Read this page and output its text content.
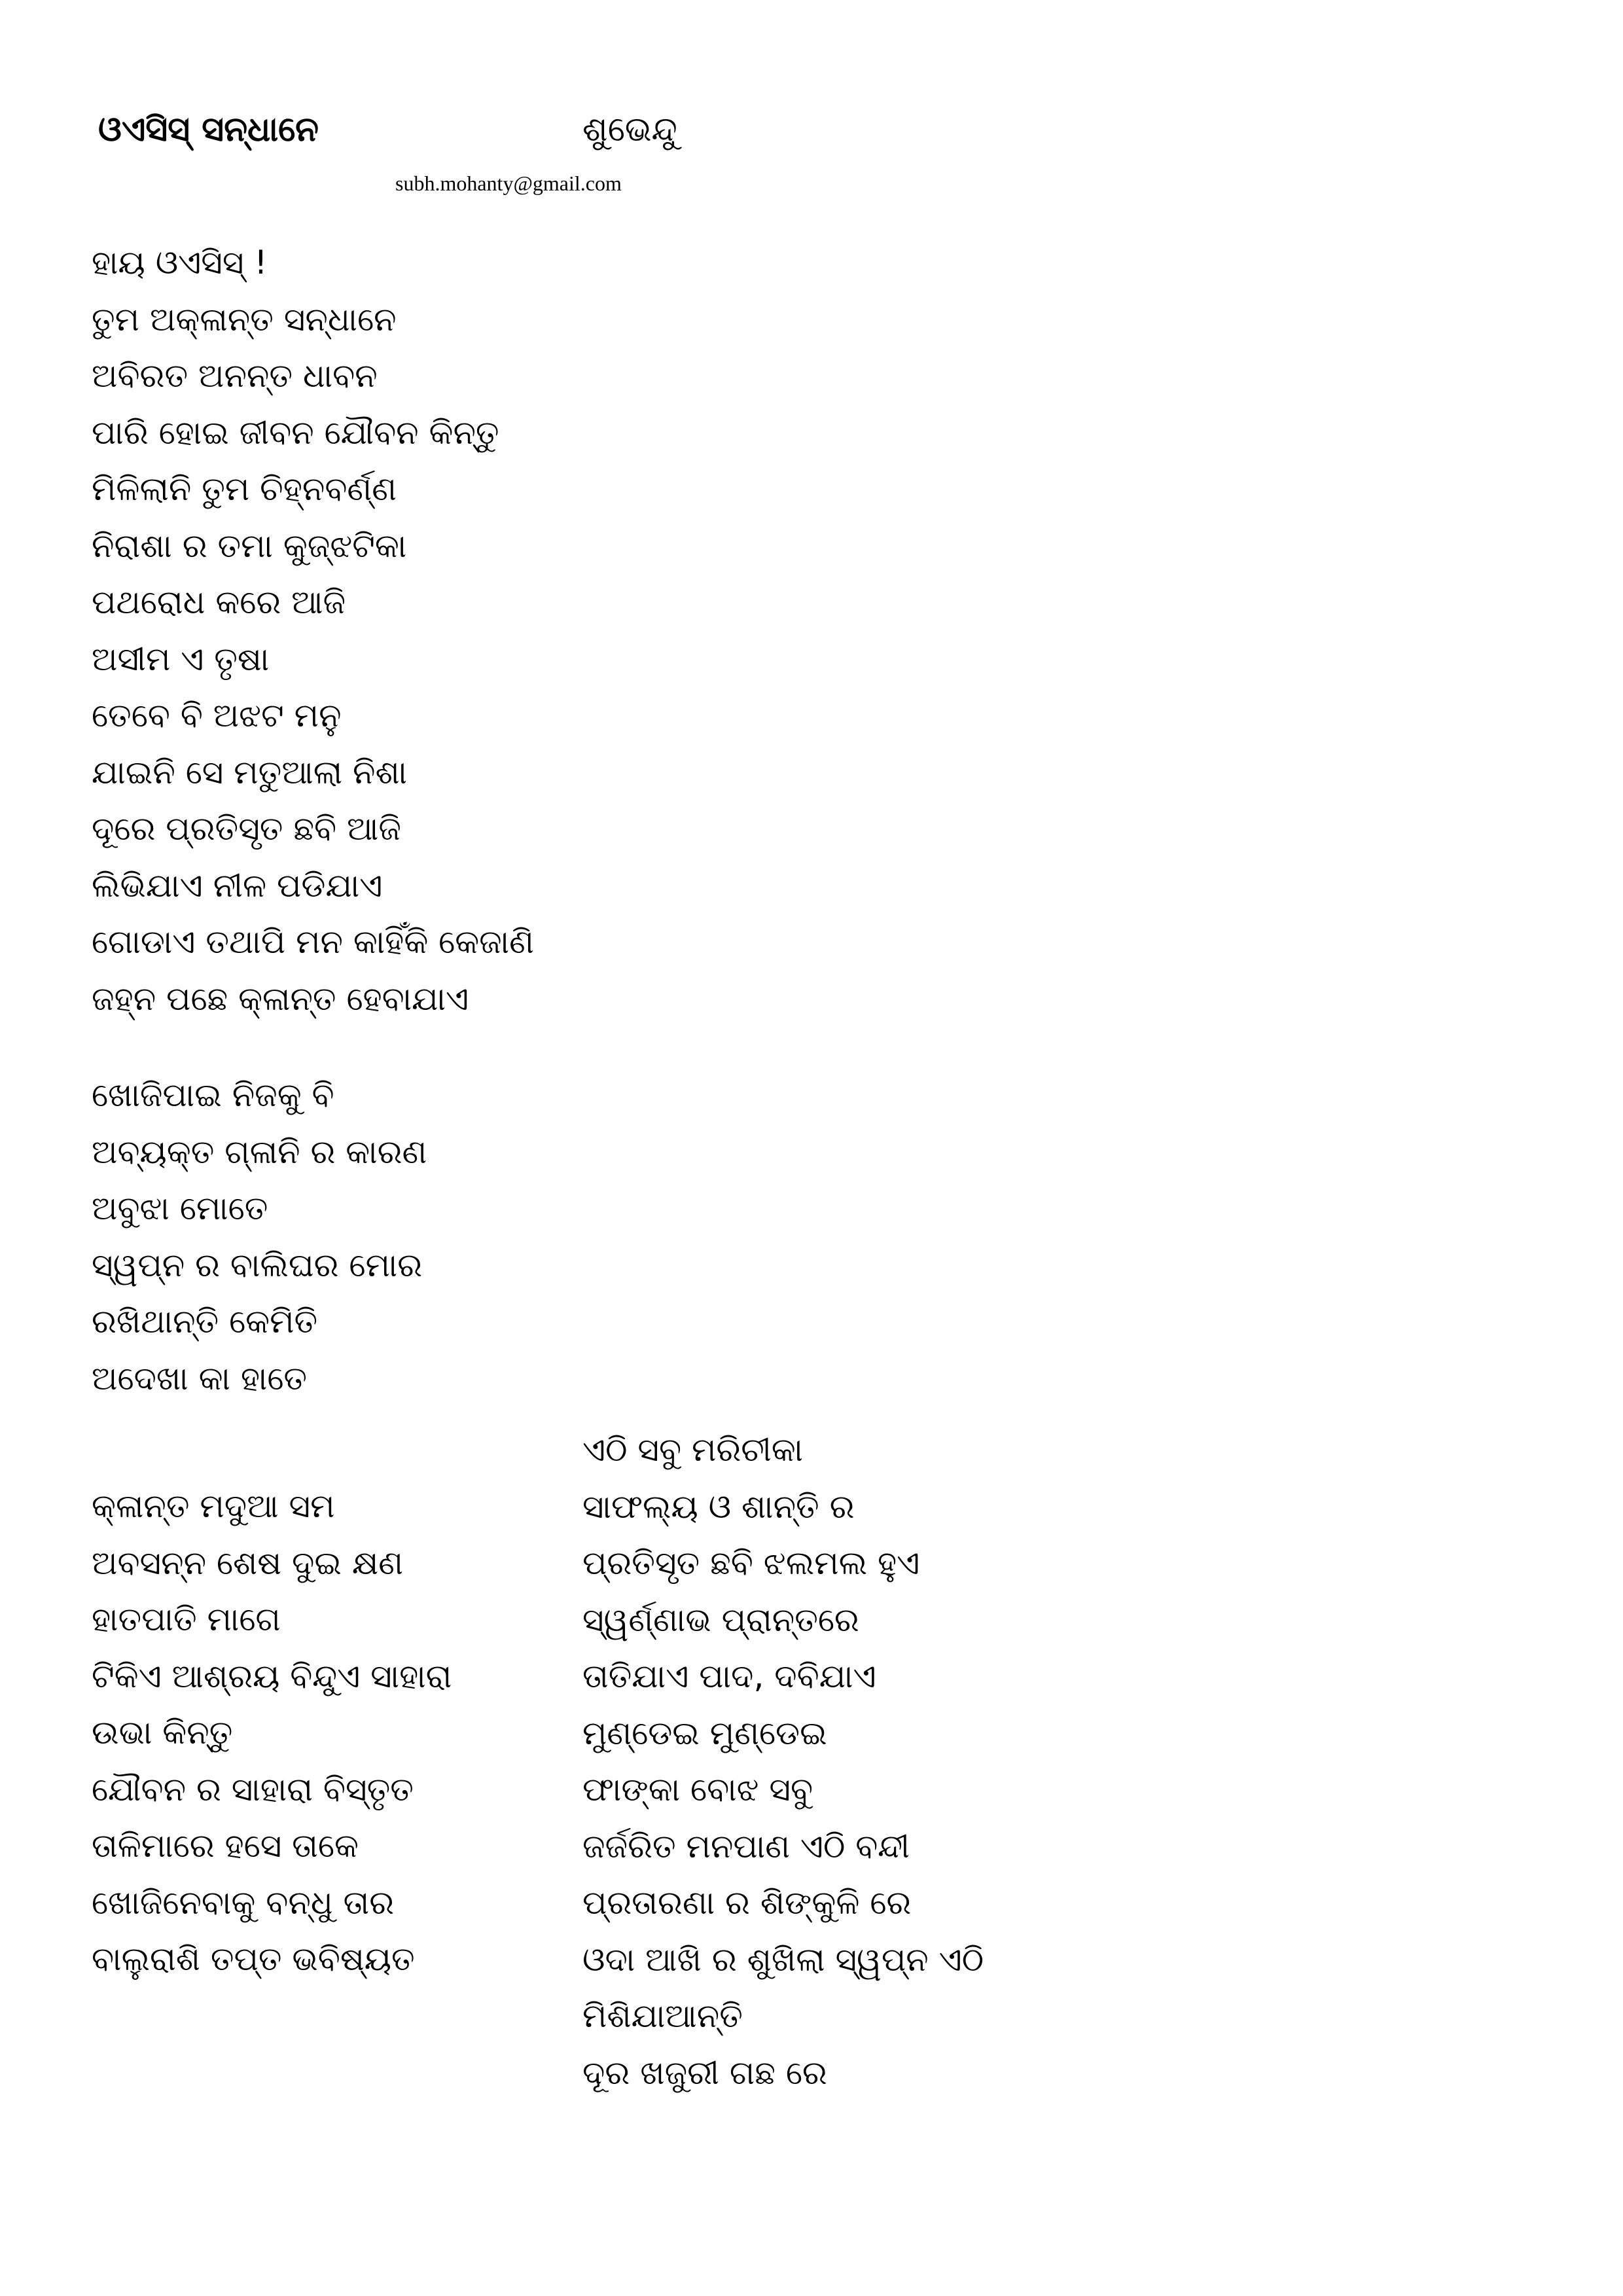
ଓଏସିସ୍ ସନ୍ଧାନେ	ଶୁଭେନ୍ଦୁ
subh.mohanty@gmail.com
ହାୟ ଓଏସିସ୍ !
ତୁମ ଅକ୍ଳାନ୍ତ ସନ୍ଧାନେ
ଅବିରତ ଅନନ୍ତ ଧାବନ
ପାରି ହୋଇ ଜୀବନ ଯୌବନ କିନ୍ତୁ
ମିଳିଲାନି ତୁମ ଚିହ୍ନବର୍ଣ୍ଣ
ନିରାଶା ର ତମା କୁଜ୍ଝଟିକା
ପଥରୋଧ କରେ ଆଜି
ଅସୀମ ଏ ତୃଷା
ତେବେ ବି ଅଝଟ ମନୁ
ଯାଇନି ସେ ମତୁଆଲା ନିଶା
ଦୂରେ ପ୍ରତିସୃତ ଛବି ଆଜି
ଲିଭିଯାଏ ନୀଳ ପଡିଯାଏ
ଗୋଡାଏ ତଥାପି ମନ କାହିଁକି କେଜାଣି
ଜହ୍ନ ପଛେ କ୍ଳାନ୍ତ ହେବାଯାଏ
ଖୋଜିପାଇ ନିଜକୁ ବି
ଅବ୍ୟକ୍ତ ଗ୍ଳାନି ର କାରଣ
ଅବୁଝା ମୋତେ
ସ୍ୱପ୍ନ ର ବାଲିଘର ମୋର
ରଖିଥାନ୍ତି କେମିତି
ଅଦେଖା କା ହାତେ
କ୍ଳାନ୍ତ ମଦୁଆ ସମ
ଅବସନ୍ନ ଶେଷ ଦୁଇ କ୍ଷଣ
ହାତପାତି ମାଗେ
ଟିକିଏ ଆଶ୍ରୟ ବିନ୍ଦୁଏ ସାହାରା
ଉଭା କିନ୍ତୁ
ଯୌବନ ର ସାହାରା ବିସ୍ତୃତ
ତାଳିମାରେ ହସେ ତାକେ
ଖୋଜିନେବାକୁ ବନ୍ଧୁ ତାର
ବାଲୁରାଶି ତପ୍ତ ଭବିଷ୍ୟତ
ଏଠି ସବୁ ମରିଚୀକା
ସାଫଲ୍ୟ ଓ ଶାନ୍ତି ର
ପ୍ରତିସୃତ ଛବି ଝଲମଲ ହୁଏ
ସ୍ୱର୍ଣ୍ଣାଭ ପ୍ରାନ୍ତରେ
ତାତିଯାଏ ପାଦ, ଦବିଯାଏ
ମୁଣ୍ଡେଇ ମୁଣ୍ଡେଇ
ଫାଙ୍କା ବୋଝ ସବୁ
ଜର୍ଜରିତ ମନପାଣ ଏଠି ବନ୍ଦୀ
ପ୍ରତାରଣା ର ଶିଙ୍କୁଳି ରେ
ଓଦା ଆଖି ର ଶୁଖିଲା ସ୍ୱପ୍ନ ଏଠି
ମିଶିଯାଆନ୍ତି
ଦୂର ଖଜୁରୀ ଗଛ ରେ
